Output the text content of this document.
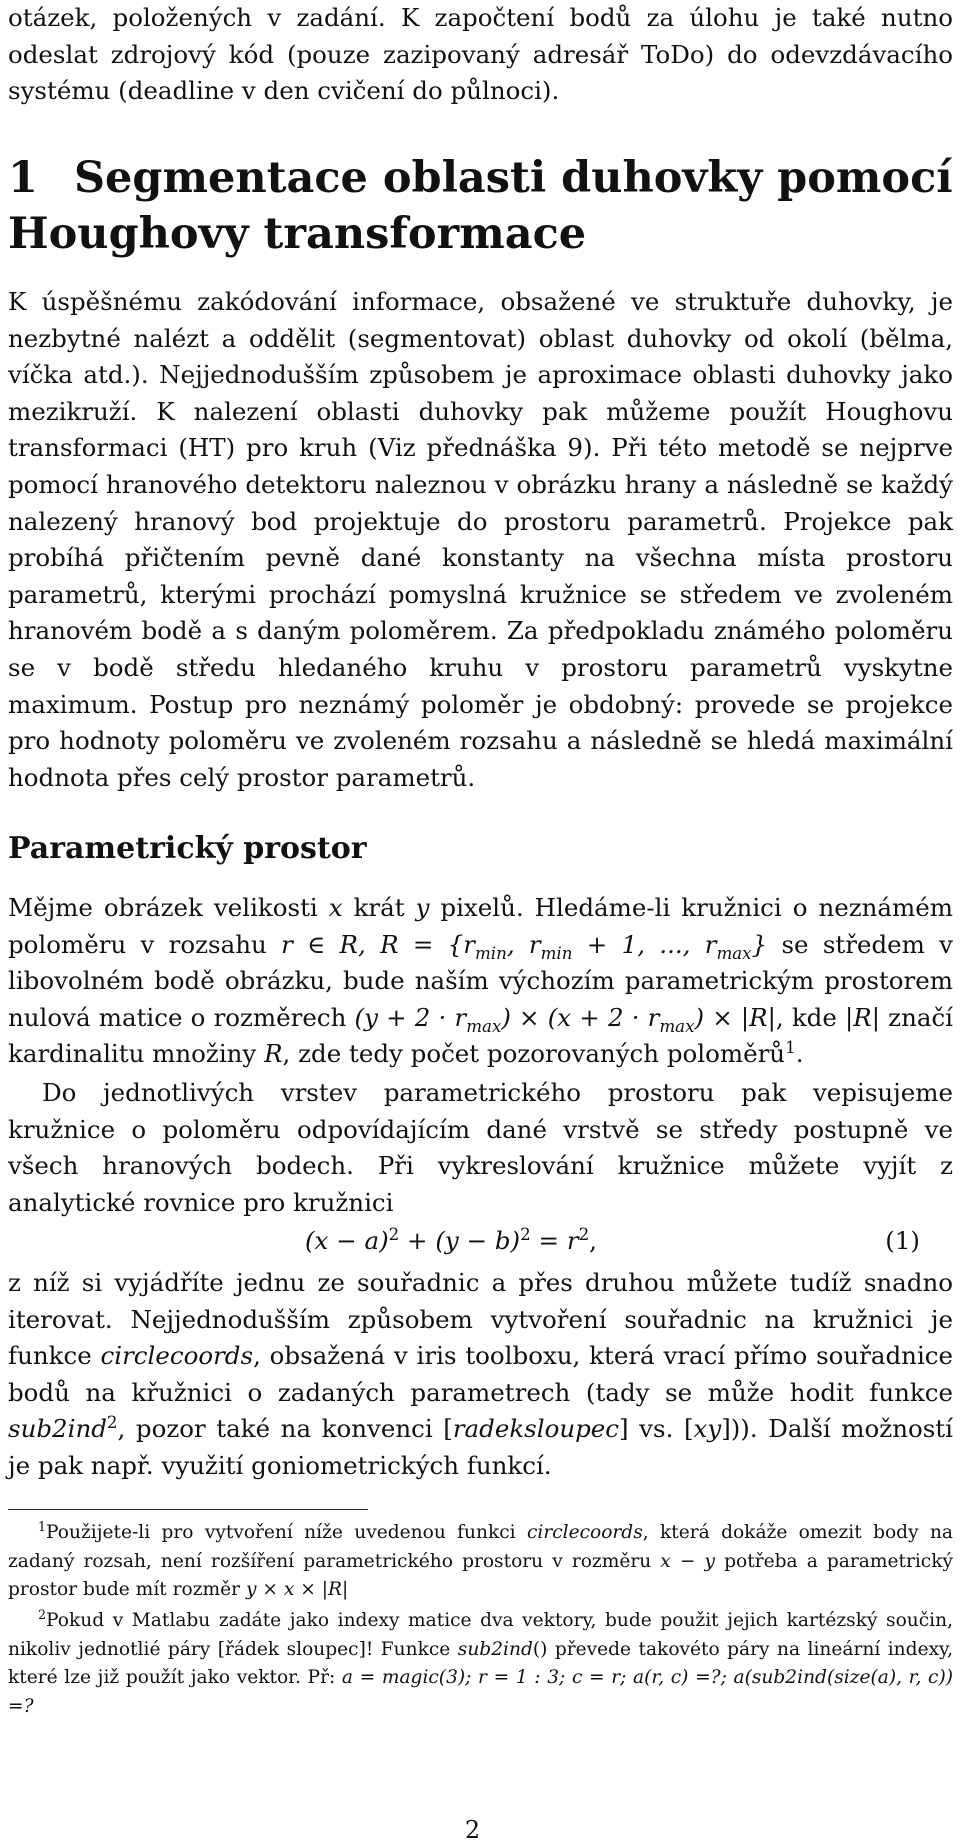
otázek, položených v zadání. K započtení bodů za úlohu je také nutno odeslat zdrojový kód (pouze zazipovaný adresář ToDo) do odevzdávacího systému (deadline v den cvičení do půlnoci).

1 Segmentace oblasti duhovky pomocí Houghovy transformace

K úspěšnému zakódování informace, obsažené ve struktuře duhovky, je nezbytné nalézt a oddělit (segmentovat) oblast duhovky od okolí (bělma, víčka atd.). Nejjednodušším způsobem je aproximace oblasti duhovky jako mezikruží. K nalezení oblasti duhovky pak můžeme použít Houghovu transformaci (HT) pro kruh (Viz přednáška 9). Při této metodě se nejprve pomocí hranového detektoru naleznou v obrázku hrany a následně se každý nalezený hranový bod projektuje do prostoru parametrů. Projekce pak probíhá přičtením pevně dané konstanty na všechna místa prostoru parametrů, kterými prochází pomyslná kružnice se středem ve zvoleném hranovém bodě a s daným poloměrem. Za předpokladu známého poloměru se v bodě středu hledaného kruhu v prostoru parametrů vyskytne maximum. Postup pro neznámý poloměr je obdobný: provede se projekce pro hodnoty poloměru ve zvoleném rozsahu a následně se hledá maximální hodnota přes celý prostor parametrů.

Parametrický prostor

Mějme obrázek velikosti x krát y pixelů. Hledáme-li kružnici o neznámém poloměru v rozsahu r ∈ R, $R = \{r_{min}$, $r_{min} + 1$, ..., $r_{max}$} se středem v libovolném bodě obrázku, bude naším výchozím parametrickým prostorem nulová matice o rozměrech $(y + 2 \cdot r_{max}) \times (x + 2 \cdot r_{max}) \times |R|$, kde |R| značí kardinalitu množiny R, zde tedy počet pozorovaných poloměrů$^1$.

Do jednotlivých vrstev parametrického prostoru pak vepisujeme kružnice o poloměru odpovídajícím dané vrstvě se středy postupně ve všech hranových bodech. Při vykreslování kružnice můžete vyjít z analytické rovnice pro kružnici

$(x - a)^2 + (y - b)^2 = r^2$,	(1)

z níž si vyjádříte jednu ze souřadnic a přes druhou můžete tudíž snadno iterovat. Nejjednodušším způsobem vytvoření souřadnic na kružnici je funkce circlecoords, obsažená v iris toolboxu, která vrací přímo souřadnice bodů na křužnici o zadaných parametrech (tady se může hodit funkce sub2ind$^2$, pozor také na konvenci [radeksloupec] vs. [xy])). Další možností je pak např. využití goniometrických funkcí.

$^1$Použijete-li pro vytvoření níže uvedenou funkci circlecoords, která dokáže omezit body na zadaný rozsah, není rozšíření parametrického prostoru v rozměru x − y potřeba a parametrický prostor bude mít rozměr y × x × |R|

$^2$Pokud v Matlabu zadáte jako indexy matice dva vektory, bude použit jejich kartézský součin, nikoliv jednotlié páry [řádek sloupec]! Funkce sub2ind() převede takovéto páry na lineární indexy, které lze již použít jako vektor. Př: a = magic(3); r = 1 : 3; c = r; a(r, c) =?; a(sub2ind(size(a), r, c)) =?

2
